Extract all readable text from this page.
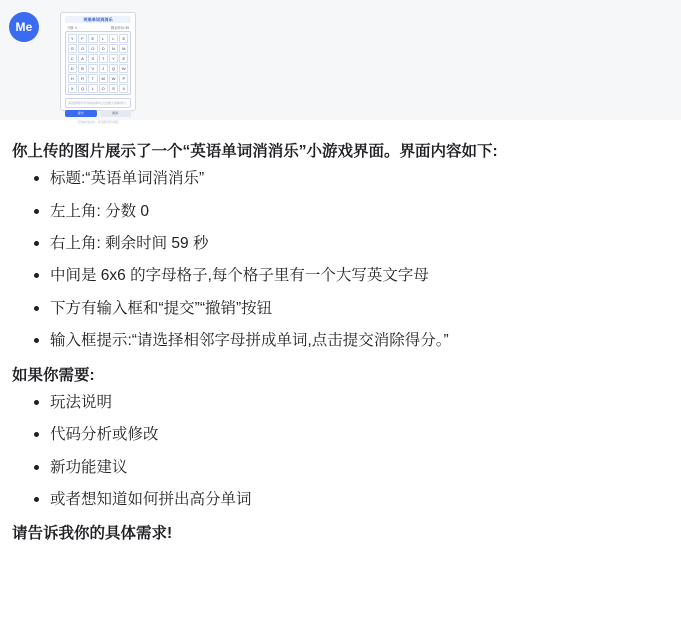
Me
英语单词消消乐
分数: 0	剩余时间: 59
Y	F	E	L	L	E
G	O	O	D	N	M
C	A	S	T	Y	E
D	B	V	J	Q	W
H	R	T	M	W	P
X	Q	L	O	S	X
请选择相邻字母拼成单词,点击提交消除得分。
提交	撤销
英语单词消消乐 · 拼写越长得分越高

你上传的图片展示了一个“英语单词消消乐”小游戏界面。界面内容如下:

标题:“英语单词消消乐”
左上角: 分数 0
右上角: 剩余时间 59 秒
中间是 6x6 的字母格子,每个格子里有一个大写英文字母
下方有输入框和“提交”“撤销”按钮
输入框提示:“请选择相邻字母拼成单词,点击提交消除得分。”

如果你需要:

玩法说明
代码分析或修改
新功能建议
或者想知道如何拼出高分单词

请告诉我你的具体需求!
